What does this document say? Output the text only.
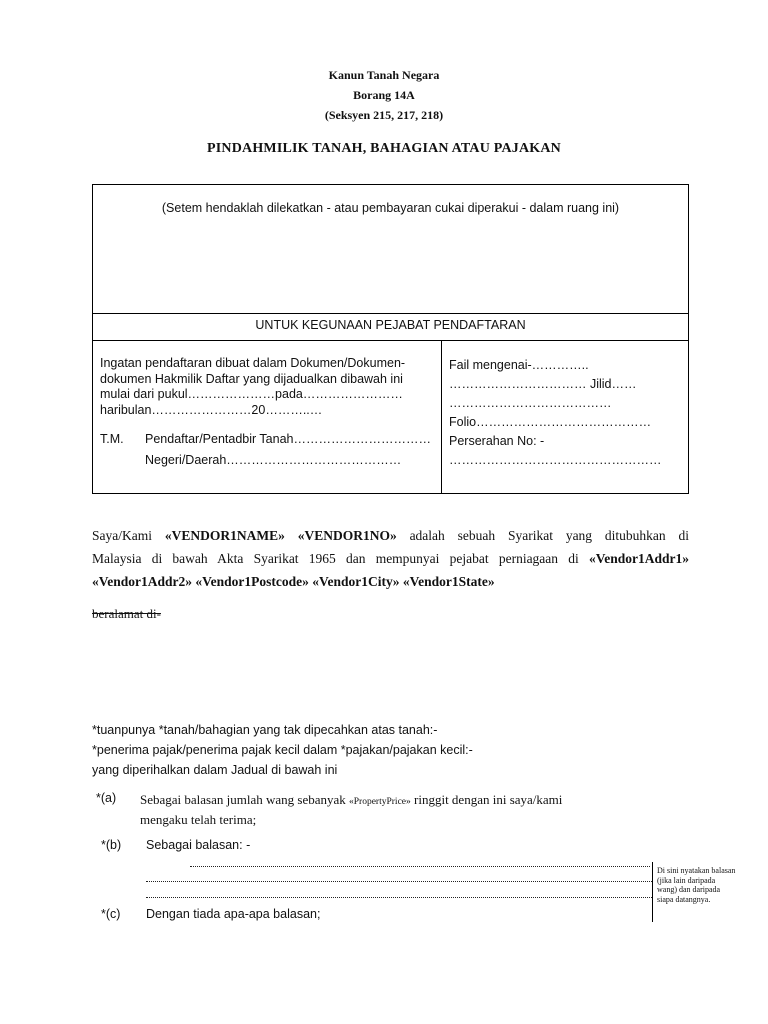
Kanun Tanah Negara
Borang 14A
(Seksyen 215, 217, 218)
PINDAHMILIK TANAH, BAHAGIAN ATAU PAJAKAN
(Setem hendaklah dilekatkan - atau pembayaran cukai diperakui - dalam ruang ini)
UNTUK KEGUNAAN PEJABAT PENDAFTARAN
Ingatan pendaftaran dibuat dalam Dokumen/Dokumen-
dokumen Hakmilik Daftar yang dijadualkan dibawah ini
mulai dari pukul…………………pada……………………
haribulan……………………20………..…
T.M. Pendaftar/Pentadbir Tanah……………………………
Negeri/Daerah……………………………………
Fail mengenai-…………..
…………………………… Jilid……
…………………………………
Folio……………………………………
Perserahan No: -
……………………………………………
Saya/Kami «VENDOR1NAME» «VENDOR1NO» adalah sebuah Syarikat yang ditubuhkan di
Malaysia di bawah Akta Syarikat 1965 dan mempunyai pejabat perniagaan di «Vendor1Addr1»
«Vendor1Addr2» «Vendor1Postcode» «Vendor1City» «Vendor1State»
beralamat di-
*tuanpunya *tanah/bahagian yang tak dipecahkan atas tanah:-
*penerima pajak/penerima pajak kecil dalam *pajakan/pajakan kecil:-
yang diperihalkan dalam Jadual di bawah ini
*(a) Sebagai balasan jumlah wang sebanyak «PropertyPrice» ringgit dengan ini saya/kami
mengaku telah terima;
*(b) Sebagai balasan: -
Di sini nyatakan balasan (jika lain daripada wang) dan daripada siapa datangnya.
*(c) Dengan tiada apa-apa balasan;
